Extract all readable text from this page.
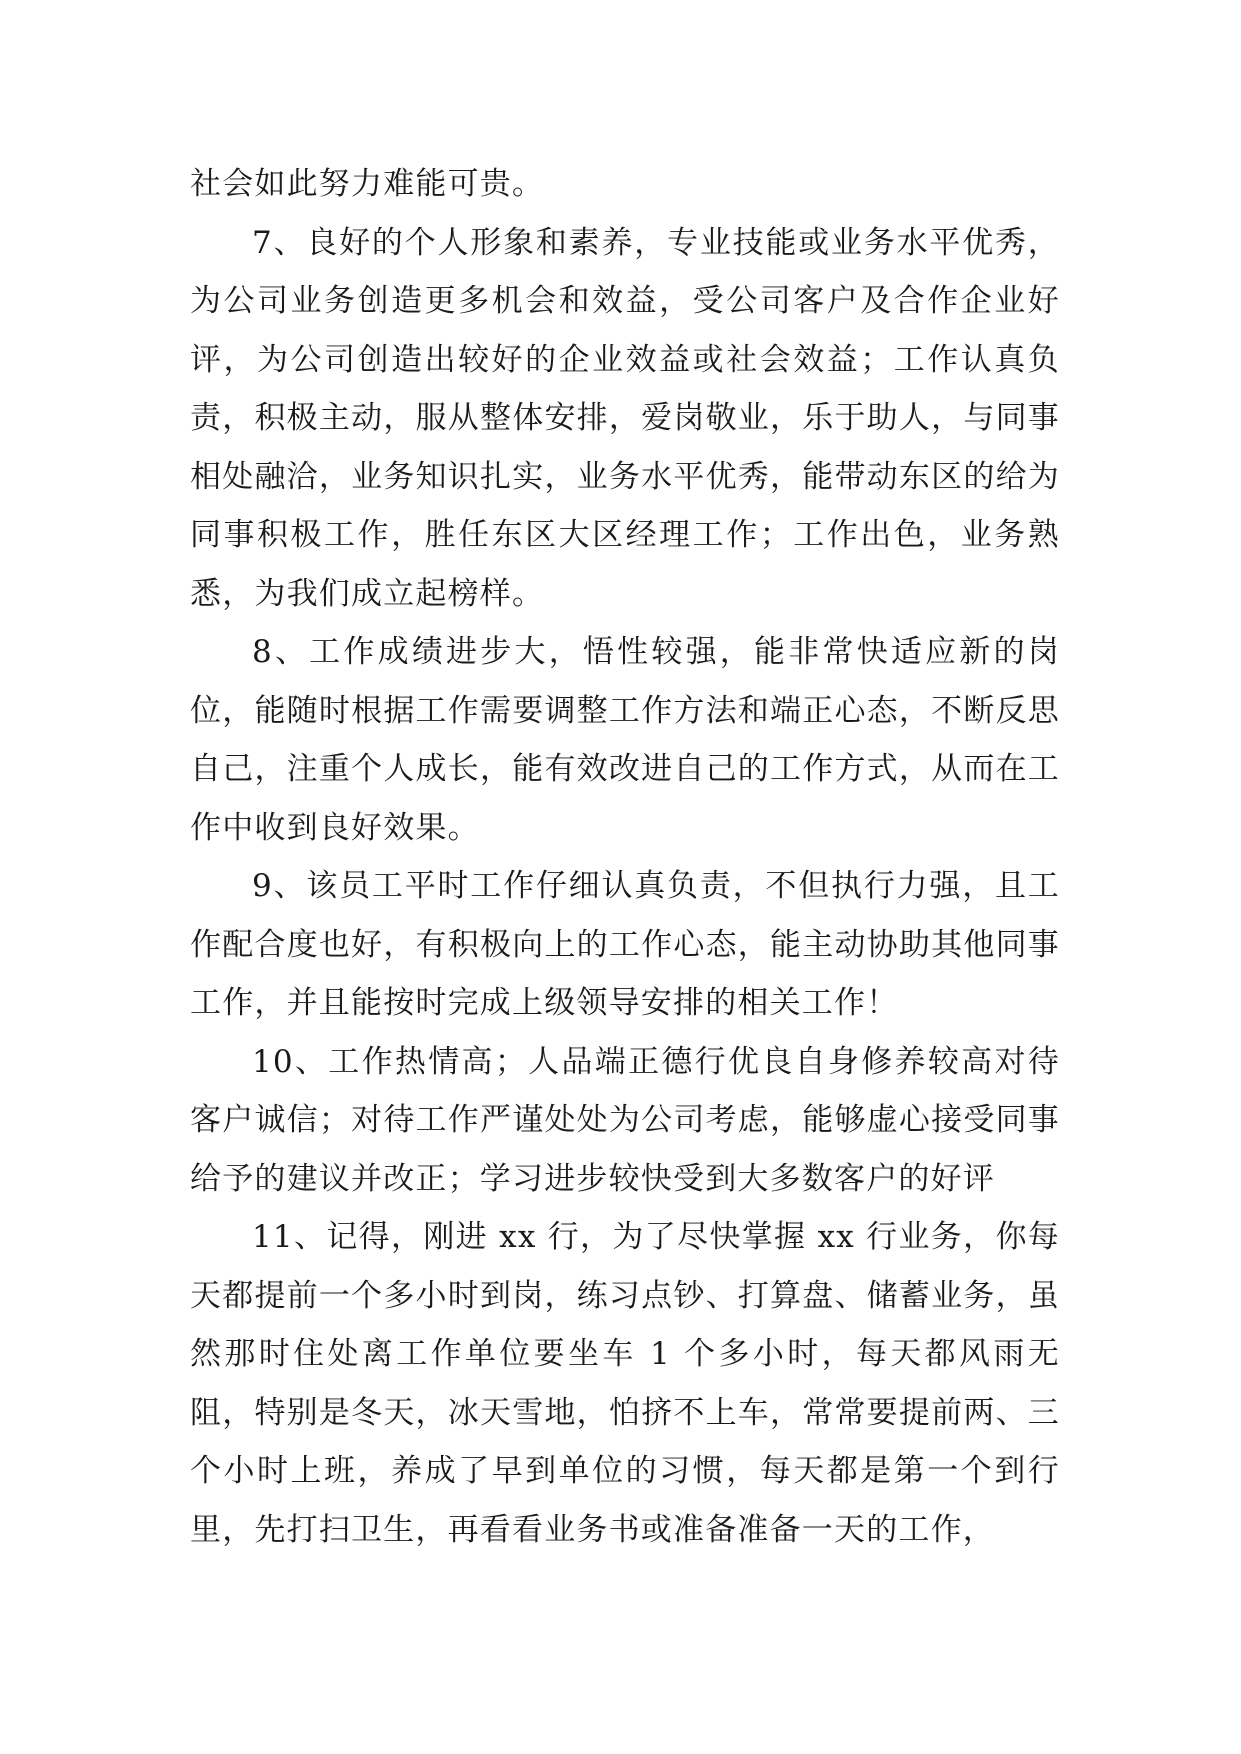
社会如此努力难能可贵。

7、良好的个人形象和素养，专业技能或业务水平优秀，为公司业务创造更多机会和效益，受公司客户及合作企业好评，为公司创造出较好的企业效益或社会效益；工作认真负责，积极主动，服从整体安排，爱岗敬业，乐于助人，与同事相处融洽，业务知识扎实，业务水平优秀，能带动东区的给为同事积极工作，胜任东区大区经理工作；工作出色，业务熟悉，为我们成立起榜样。

8、工作成绩进步大，悟性较强，能非常快适应新的岗位，能随时根据工作需要调整工作方法和端正心态，不断反思自己，注重个人成长，能有效改进自己的工作方式，从而在工作中收到良好效果。

9、该员工平时工作仔细认真负责，不但执行力强，且工作配合度也好，有积极向上的工作心态，能主动协助其他同事工作，并且能按时完成上级领导安排的相关工作！

10、工作热情高；人品端正德行优良自身修养较高对待客户诚信；对待工作严谨处处为公司考虑，能够虚心接受同事给予的建议并改正；学习进步较快受到大多数客户的好评

11、记得，刚进 xx 行，为了尽快掌握 xx 行业务，你每天都提前一个多小时到岗，练习点钞、打算盘、储蓄业务，虽然那时住处离工作单位要坐车 1 个多小时，每天都风雨无阻，特别是冬天，冰天雪地，怕挤不上车，常常要提前两、三个小时上班，养成了早到单位的习惯，每天都是第一个到行里，先打扫卫生，再看看业务书或准备准备一天的工作，
